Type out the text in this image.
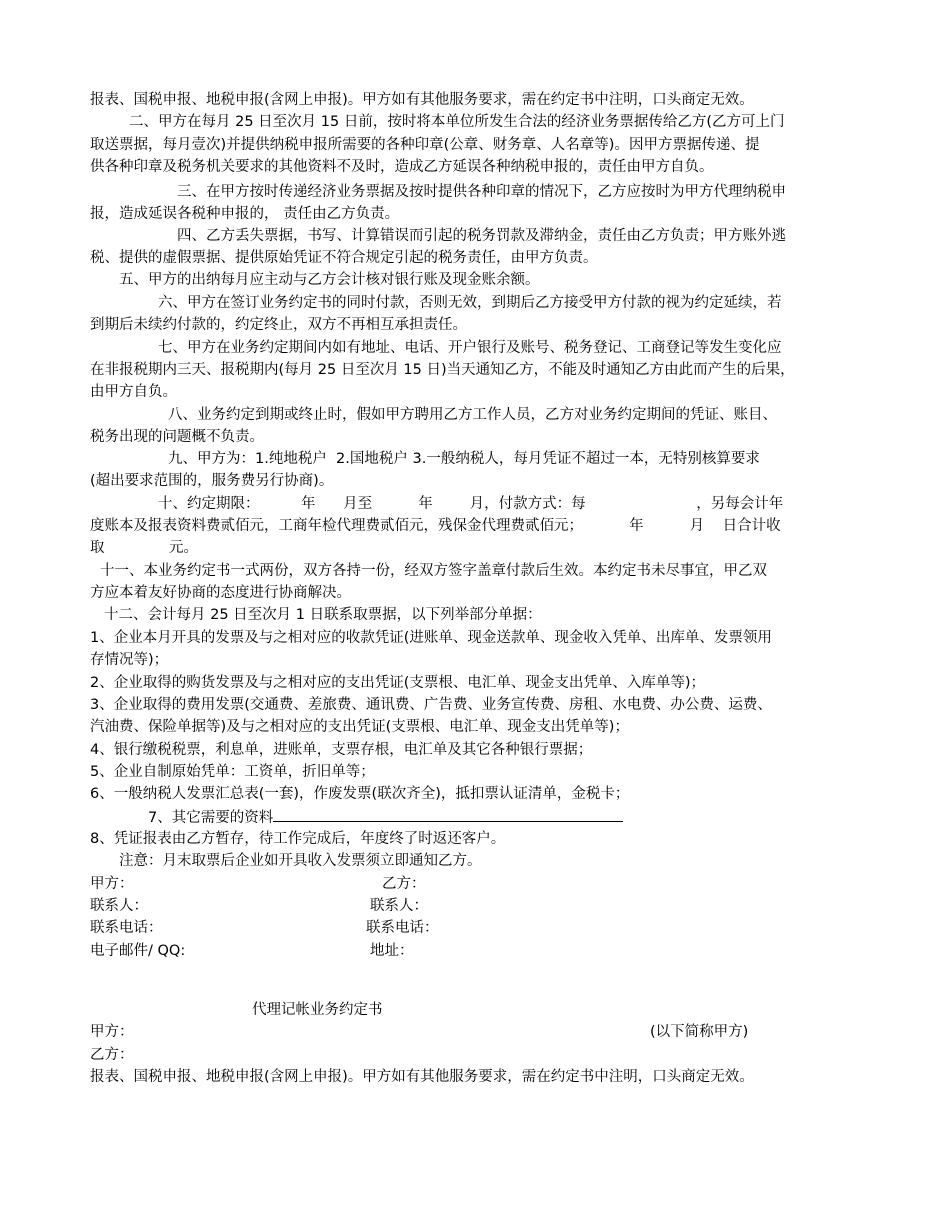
报表、国税申报、地税申报(含网上申报)。甲方如有其他服务要求，需在约定书中注明，口头商定无效。
二、甲方在每月 25 日至次月 15 日前，按时将本单位所发生合法的经济业务票据传给乙方(乙方可上门
取送票据，每月壹次)并提供纳税申报所需要的各种印章(公章、财务章、人名章等)。因甲方票据传递、提
供各种印章及税务机关要求的其他资料不及时，造成乙方延误各种纳税申报的，责任由甲方自负。
三、在甲方按时传递经济业务票据及按时提供各种印章的情况下，乙方应按时为甲方代理纳税申
报，造成延误各税种申报的， 责任由乙方负责。
四、乙方丢失票据，书写、计算错误而引起的税务罚款及滞纳金，责任由乙方负责；甲方账外逃
税、提供的虚假票据、提供原始凭证不符合规定引起的税务责任，由甲方负责。
五、甲方的出纳每月应主动与乙方会计核对银行账及现金账余额。
六、甲方在签订业务约定书的同时付款，否则无效，到期后乙方接受甲方付款的视为约定延续，若
到期后未续约付款的，约定终止，双方不再相互承担责任。
七、甲方在业务约定期间内如有地址、电话、开户银行及账号、税务登记、工商登记等发生变化应
在非报税期内三天、报税期内(每月 25 日至次月 15 日)当天通知乙方，不能及时通知乙方由此而产生的后果，
由甲方自负。
八、业务约定到期或终止时，假如甲方聘用乙方工作人员，乙方对业务约定期间的凭证、账目、
税务出现的问题概不负责。
九、甲方为：1.纯地税户  2.国地税户 3.一般纳税人，每月凭证不超过一本，无特别核算要求
(超出要求范围的，服务费另行协商)。
十、约定期限：         年      月至          年        月，付款方式：每                        ，另每会计年
度账本及报表资料费贰佰元，工商年检代理费贰佰元，残保金代理费贰佰元；          年          月    日合计收
取              元。
十一、本业务约定书一式两份，双方各持一份，经双方签字盖章付款后生效。本约定书未尽事宜，甲乙双
方应本着友好协商的态度进行协商解决。
十二、会计每月 25 日至次月 1 日联系取票据，以下列举部分单据：
1、企业本月开具的发票及与之相对应的收款凭证(进账单、现金送款单、现金收入凭单、出库单、发票领用
存情况等)；
2、企业取得的购货发票及与之相对应的支出凭证(支票根、电汇单、现金支出凭单、入库单等)；
3、企业取得的费用发票(交通费、差旅费、通讯费、广告费、业务宣传费、房租、水电费、办公费、运费、
汽油费、保险单据等)及与之相对应的支出凭证(支票根、电汇单、现金支出凭单等)；
4、银行缴税税票，利息单，进账单，支票存根，电汇单及其它各种银行票据；
5、企业自制原始凭单：工资单，折旧单等；
6、一般纳税人发票汇总表(一套)，作废发票(联次齐全)，抵扣票认证清单，金税卡；
7、其它需要的资料
8、凭证报表由乙方暂存，待工作完成后，年度终了时返还客户。
注意：月末取票后企业如开具收入发票须立即通知乙方。
甲方：	乙方：
联系人：	联系人：
联系电话：	联系电话：
电子邮件/ QQ:	地址：
代理记帐业务约定书
甲方：	(以下简称甲方)
乙方：
报表、国税申报、地税申报(含网上申报)。甲方如有其他服务要求，需在约定书中注明，口头商定无效。
